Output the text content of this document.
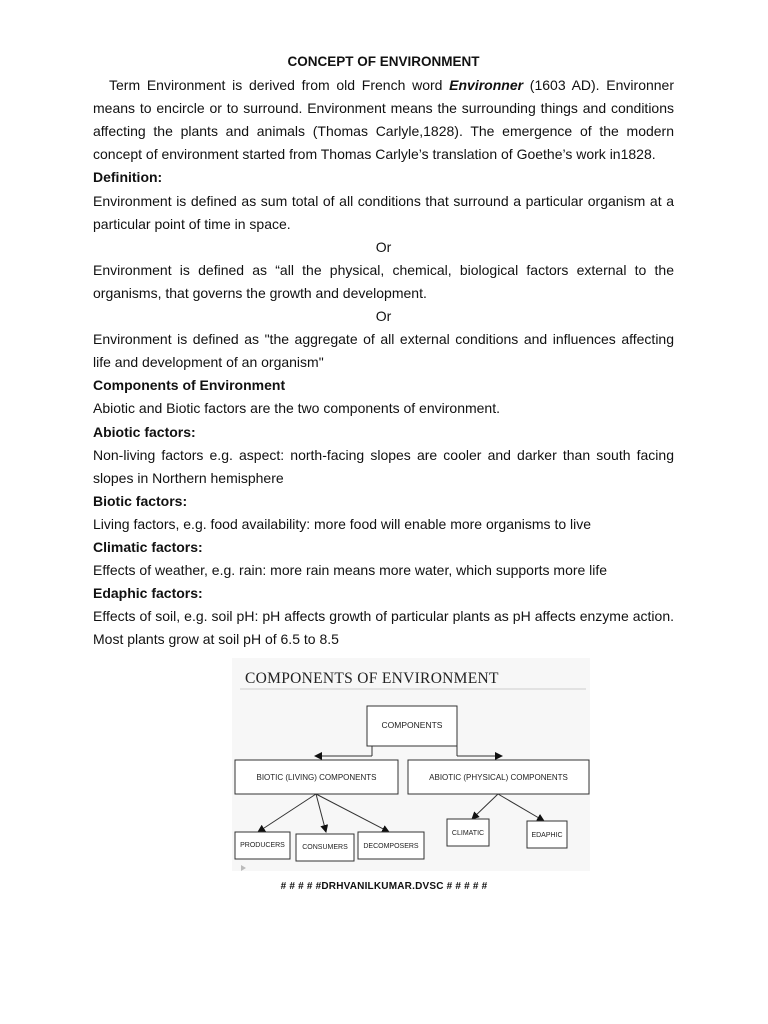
CONCEPT OF ENVIRONMENT

Term Environment is derived from old French word Environner (1603 AD). Environner means to encircle or to surround. Environment means the surrounding things and conditions affecting the plants and animals (Thomas Carlyle,1828). The emergence of the modern concept of environment started from Thomas Carlyle’s translation of Goethe’s work in1828.

Definition:

Environment is defined as sum total of all conditions that surround a particular organism at a particular point of time in space.

Or

Environment is defined as “all the physical, chemical, biological factors external to the organisms, that governs the growth and development.

Or

Environment is defined as "the aggregate of all external conditions and influences affecting life and development of an organism"

Components of Environment

Abiotic and Biotic factors are the two components of environment.

Abiotic factors:

Non-living factors e.g. aspect: north-facing slopes are cooler and darker than south facing slopes in Northern hemisphere

Biotic factors:

Living factors, e.g. food availability: more food will enable more organisms to live

Climatic factors:

Effects of weather, e.g. rain: more rain means more water, which supports more life

Edaphic factors:

Effects of soil, e.g. soil pH: pH affects growth of particular plants as pH affects enzyme action. Most plants grow at soil pH of 6.5 to 8.5

COMPONENTS OF ENVIRONMENT
COMPONENTS
BIOTIC (LIVING) COMPONENTS	ABIOTIC (PHYSICAL) COMPONENTS
PRODUCERS CONSUMERS DECOMPOSERS
CLIMATIC	EDAPHIC
# # # # #DRHVANILKUMAR.DVSC # # # # #
